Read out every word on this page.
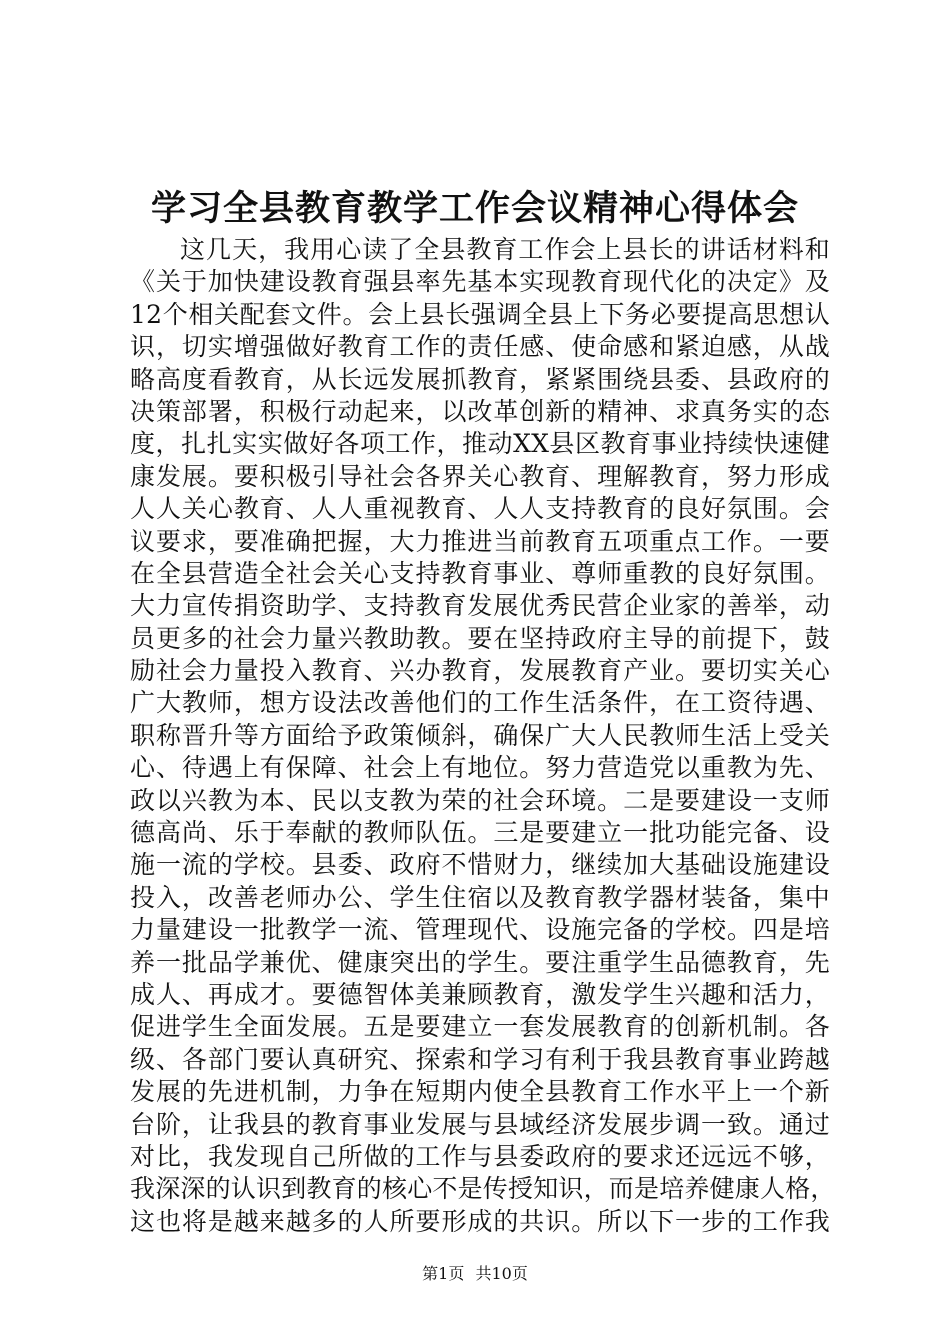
学习全县教育教学工作会议精神心得体会
这几天，我用心读了全县教育工作会上县长的讲话材料和
《关于加快建设教育强县率先基本实现教育现代化的决定》及
12个相关配套文件。会上县长强调全县上下务必要提高思想认
识，切实增强做好教育工作的责任感、使命感和紧迫感，从战
略高度看教育，从长远发展抓教育，紧紧围绕县委、县政府的
决策部署，积极行动起来，以改革创新的精神、求真务实的态
度，扎扎实实做好各项工作，推动XX县区教育事业持续快速健
康发展。要积极引导社会各界关心教育、理解教育，努力形成
人人关心教育、人人重视教育、人人支持教育的良好氛围。会
议要求，要准确把握，大力推进当前教育五项重点工作。一要
在全县营造全社会关心支持教育事业、尊师重教的良好氛围。
大力宣传捐资助学、支持教育发展优秀民营企业家的善举，动
员更多的社会力量兴教助教。要在坚持政府主导的前提下，鼓
励社会力量投入教育、兴办教育，发展教育产业。要切实关心
广大教师，想方设法改善他们的工作生活条件，在工资待遇、
职称晋升等方面给予政策倾斜，确保广大人民教师生活上受关
心、待遇上有保障、社会上有地位。努力营造党以重教为先、
政以兴教为本、民以支教为荣的社会环境。二是要建设一支师
德高尚、乐于奉献的教师队伍。三是要建立一批功能完备、设
施一流的学校。县委、政府不惜财力，继续加大基础设施建设
投入，改善老师办公、学生住宿以及教育教学器材装备，集中
力量建设一批教学一流、管理现代、设施完备的学校。四是培
养一批品学兼优、健康突出的学生。要注重学生品德教育，先
成人、再成才。要德智体美兼顾教育，激发学生兴趣和活力，
促进学生全面发展。五是要建立一套发展教育的创新机制。各
级、各部门要认真研究、探索和学习有利于我县教育事业跨越
发展的先进机制，力争在短期内使全县教育工作水平上一个新
台阶，让我县的教育事业发展与县域经济发展步调一致。通过
对比，我发现自己所做的工作与县委政府的要求还远远不够，
我深深的认识到教育的核心不是传授知识，而是培养健康人格，
这也将是越来越多的人所要形成的共识。所以下一步的工作我
第1页 共10页
